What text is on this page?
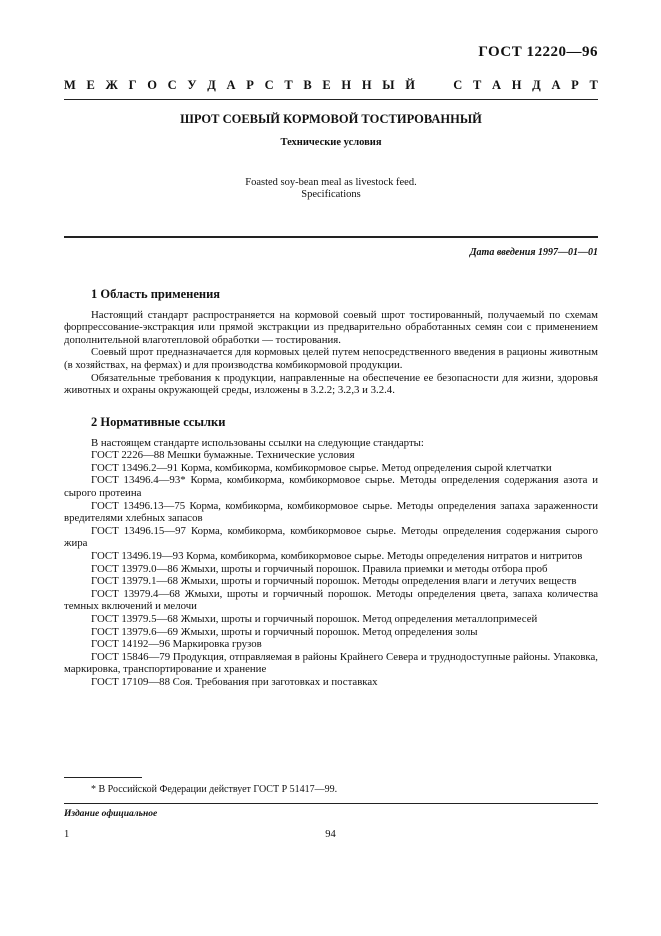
ГОСТ 12220—96
М Е Ж Г О С У Д А Р С Т В Е Н Н Ы Й

	С Т А Н Д А Р Т
ШРОТ СОЕВЫЙ КОРМОВОЙ ТОСТИРОВАННЫЙ
Технические условия
Foasted soy-bean meal as livestock feed.
Specifications
Дата введения 1997—01—01
1 Область применения

Настоящий стандарт распространяется на кормовой соевый шрот тостированный, получаемый по схемам форпрессование-экстракция или прямой экстракции из предварительно обработанных семян сои с применением дополнительной влаготепловой обработки — тостирования.

Соевый шрот предназначается для кормовых целей путем непосредственного введения в рационы животным (в хозяйствах, на фермах) и для производства комбикормовой продукции.

Обязательные требования к продукции, направленные на обеспечение ее безопасности для жизни, здоровья животных и охраны окружающей среды, изложены в 3.2.2; 3.2,3 и 3.2.4.

2 Нормативные ссылки

В настоящем стандарте использованы ссылки на следующие стандарты:

ГОСТ 2226—88 Мешки бумажные. Технические условия

ГОСТ 13496.2—91 Корма, комбикорма, комбикормовое сырье. Метод определения сырой клетчатки

ГОСТ 13496.4—93* Корма, комбикорма, комбикормовое сырье. Методы определения содержания азота и сырого протеина

ГОСТ 13496.13—75 Корма, комбикорма, комбикормовое сырье. Методы определения запаха зараженности вредителями хлебных запасов

ГОСТ 13496.15—97 Корма, комбикорма, комбикормовое сырье. Методы определения содержания сырого жира

ГОСТ 13496.19—93 Корма, комбикорма, комбикормовое сырье. Методы определения нитратов и нитритов

ГОСТ 13979.0—86 Жмыхи, шроты и горчичный порошок. Правила приемки и методы отбора проб

ГОСТ 13979.1—68 Жмыхи, шроты и горчичный порошок. Методы определения влаги и летучих веществ

ГОСТ 13979.4—68 Жмыхи, шроты и горчичный порошок. Методы определения цвета, запаха количества темных включений и мелочи

ГОСТ 13979.5—68 Жмыхи, шроты и горчичный порошок. Метод определения металлопримесей

ГОСТ 13979.6—69 Жмыхи, шроты и горчичный порошок. Метод определения золы

ГОСТ 14192—96 Маркировка грузов

ГОСТ 15846—79 Продукция, отправляемая в районы Крайнего Севера и труднодоступные районы. Упаковка, маркировка, транспортирование и хранение

ГОСТ 17109—88 Соя. Требования при заготовках и поставках

* В Российской Федерации действует ГОСТ Р 51417—99.
Издание официальное
1	94
